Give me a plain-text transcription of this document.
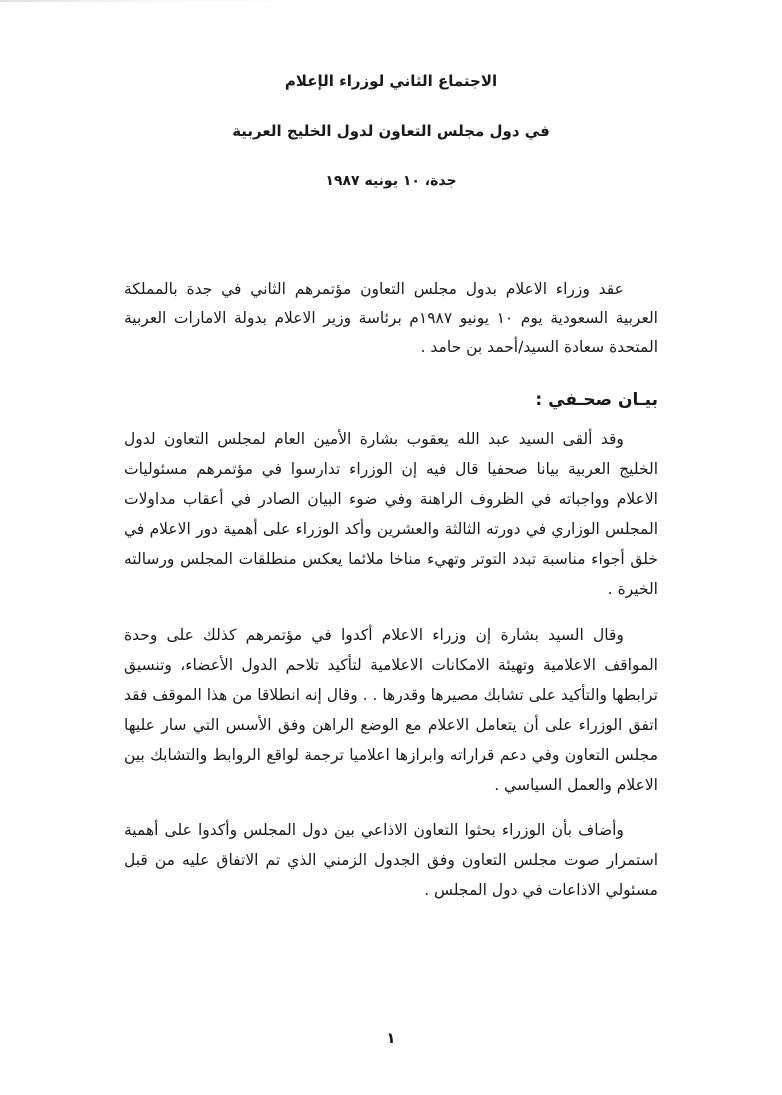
الاجتماع الثاني لوزراء الإعلام
في دول مجلس التعاون لدول الخليج العربية
جدة، ١٠ يونيه ١٩٨٧

عقد وزراء الاعلام بدول مجلس التعاون مؤتمرهم الثاني في جدة بالمملكة العربية السعودية يوم ١٠ يونيو ١٩٨٧م برئاسة وزير الاعلام بدولة الامارات العربية المتحدة سعادة السيد/أحمد بن حامد .

بيـان صحـفي :

وقد ألقى السيد عبد الله يعقوب بشارة الأمين العام لمجلس التعاون لدول الخليج العربية بيانا صحفيا قال فيه إن الوزراء تدارسوا في مؤتمرهم مسئوليات الاعلام وواجباته في الظروف الراهنة وفي ضوء البيان الصادر في أعقاب مداولات المجلس الوزاري في دورته الثالثة والعشرين وأكد الوزراء على أهمية دور الاعلام في خلق أجواء مناسبة تبدد التوتر وتهيء مناخا ملائما يعكس منطلقات المجلس ورسالته الخيرة .

وقال السيد بشارة إن وزراء الاعلام أكدوا في مؤتمرهم كذلك على وحدة المواقف الاعلامية وتهيئة الامكانات الاعلامية لتأكيد تلاحم الدول الأعضاء، وتنسيق ترابطها والتأكيد على تشابك مصيرها وقدرها . . وقال إنه انطلاقا من هذا الموقف فقد اتفق الوزراء على أن يتعامل الاعلام مع الوضع الراهن وفق الأسس التي سار عليها مجلس التعاون وفي دعم قراراته وابرازها اعلاميا ترجمة لواقع الروابط والتشابك بين الاعلام والعمل السياسي .

وأضاف بأن الوزراء بحثوا التعاون الاذاعي بين دول المجلس وأكدوا على أهمية استمرار صوت مجلس التعاون وفق الجدول الزمني الذي تم الاتفاق عليه من قبل مسئولي الاذاعات في دول المجلس .

١
